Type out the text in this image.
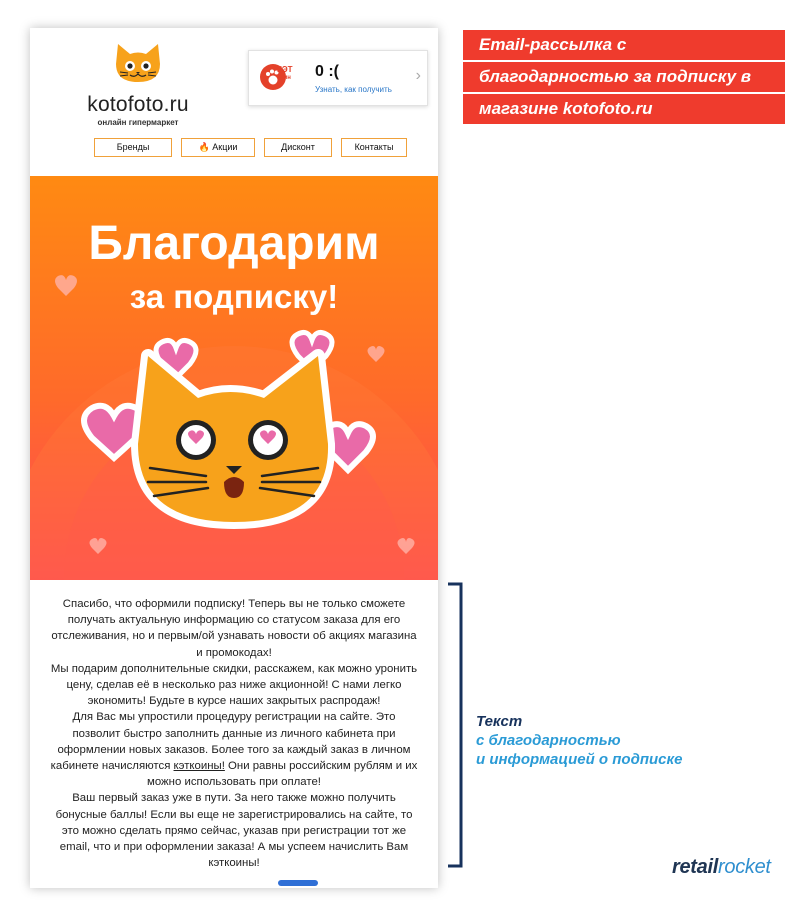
kotofoto.ru
онлайн гипермаркет
КЭТ
коин 0 :(
Узнать, как получить
›
Бренды	🔥 Акции	Дисконт	Контакты
Благодарим
за подписку!

Спасибо, что оформили подписку! Теперь вы не только сможете получать актуальную информацию со статусом заказа для его отслеживания, но и первым/ой узнавать новости об акциях магазина и промокодах!

Мы подарим дополнительные скидки, расскажем, как можно уронить цену, сделав её в несколько раз ниже акционной! С нами легко экономить! Будьте в курсе наших закрытых распродаж!

Для Вас мы упростили процедуру регистрации на сайте. Это позволит быстро заполнить данные из личного кабинета при оформлении новых заказов. Более того за каждый заказ в личном кабинете начисляются кэткоины! Они равны российским рублям и их можно использовать при оплате!

Ваш первый заказ уже в пути. За него также можно получить бонусные баллы! Если вы еще не зарегистрировались на сайте, то это можно сделать прямо сейчас, указав при регистрации тот же email, что и при оформлении заказа! А мы успеем начислить Вам кэткоины!

Email-рассылка с
благодарностью за подписку в
магазине kotofoto.ru
Текст
с благодарностью
и информацией о подписке
retailrocket
